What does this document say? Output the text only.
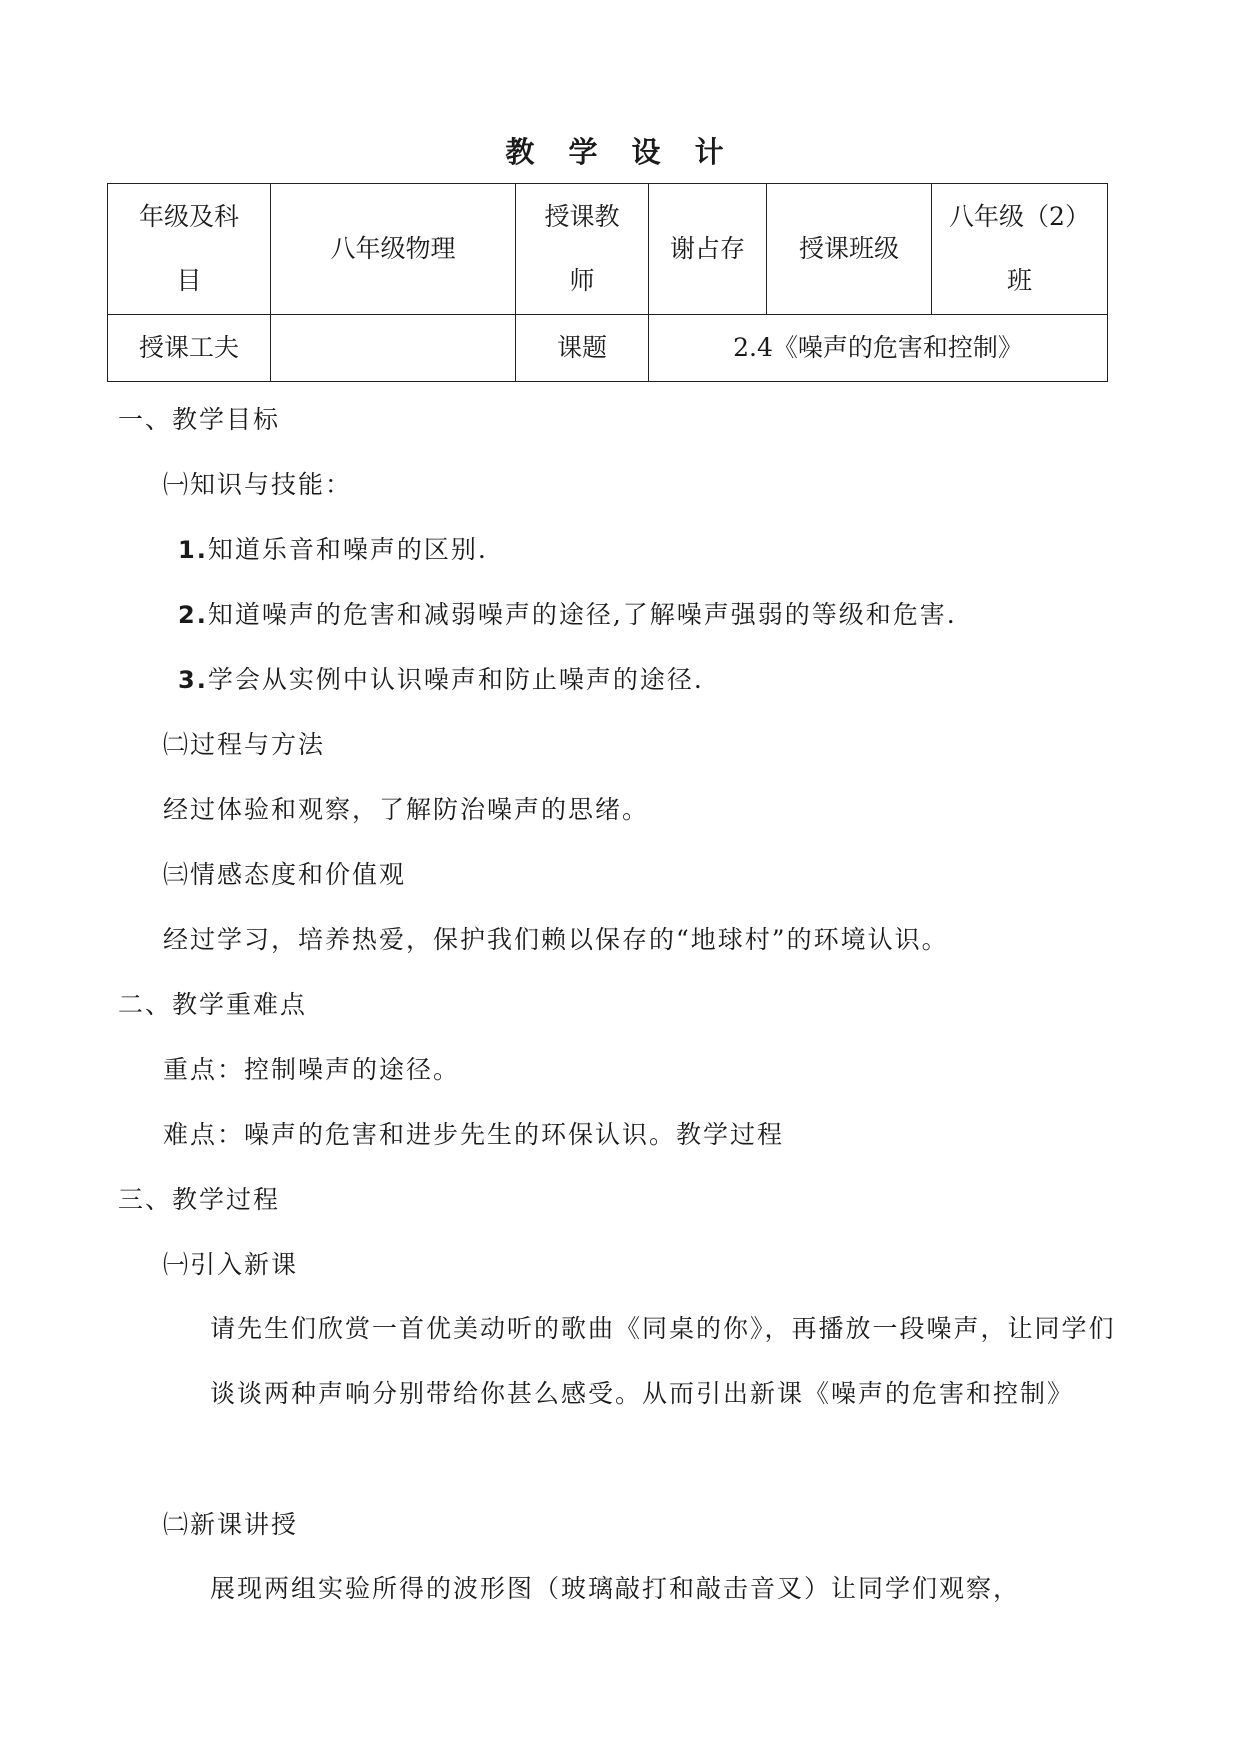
教 学 设 计
年级及科目	八年级物理	授课教师	谢占存	授课班级	八年级（2）班

授课工夫		课题	2.4《噪声的危害和控制》		
一、教学目标
㈠知识与技能：
1.知道乐音和噪声的区别.
2.知道噪声的危害和减弱噪声的途径,了解噪声强弱的等级和危害.
3.学会从实例中认识噪声和防止噪声的途径.
㈡过程与方法
经过体验和观察，了解防治噪声的思绪。
㈢情感态度和价值观
经过学习，培养热爱，保护我们赖以保存的“地球村”的环境认识。
二、教学重难点
重点：控制噪声的途径。
难点：噪声的危害和进步先生的环保认识。教学过程
三、教学过程
㈠引入新课
请先生们欣赏一首优美动听的歌曲《同桌的你》，再播放一段噪声，让同学们谈谈两种声响分别带给你甚么感受。从而引出新课《噪声的危害和控制》
㈡新课讲授
展现两组实验所得的波形图（玻璃敲打和敲击音叉）让同学们观察，
